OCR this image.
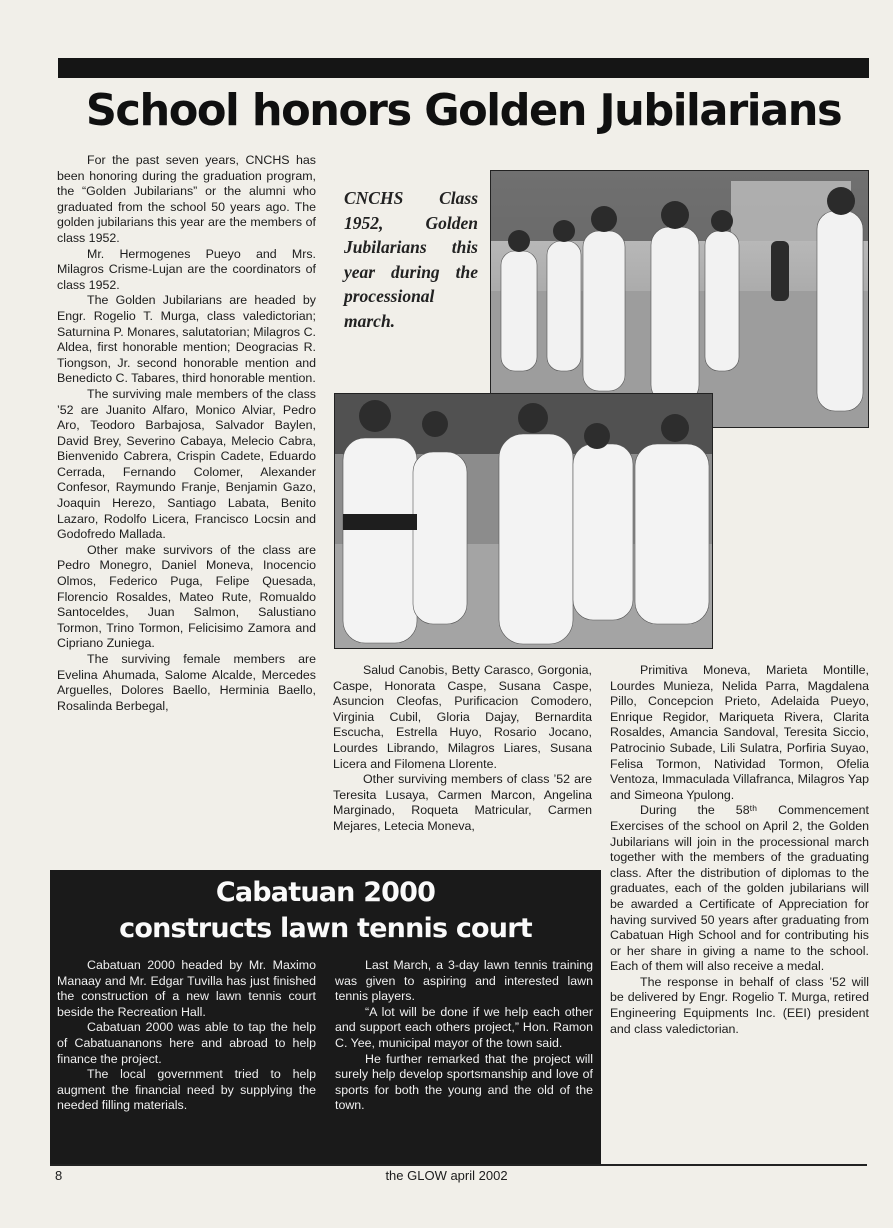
School honors Golden Jubilarians

For the past seven years, CNCHS has been honoring during the graduation program, the “Golden Jubilarians” or the alumni who graduated from the school 50 years ago. The golden jubilarians this year are the members of class 1952.

Mr. Hermogenes Pueyo and Mrs. Milagros Crisme-Lujan are the coordinators of class 1952.

The Golden Jubilarians are headed by Engr. Rogelio T. Murga, class valedictorian; Saturnina P. Monares, salutatorian; Milagros C. Aldea, first honorable mention; Deogracias R. Tiongson, Jr. second honorable mention and Benedicto C. Tabares, third honorable mention.

The surviving male members of the class ’52 are Juanito Alfaro, Monico Alviar, Pedro Aro, Teodoro Barbajosa, Salvador Baylen, David Brey, Severino Cabaya, Melecio Cabra, Bienvenido Cabrera, Crispin Cadete, Eduardo Cerrada, Fernando Colomer, Alexander Confesor, Raymundo Franje, Benjamin Gazo, Joaquin Herezo, Santiago Labata, Benito Lazaro, Rodolfo Licera, Francisco Locsin and Godofredo Mallada.

Other make survivors of the class are Pedro Monegro, Daniel Moneva, Inocencio Olmos, Federico Puga, Felipe Quesada, Florencio Rosaldes, Mateo Rute, Romualdo Santoceldes, Juan Salmon, Salustiano Tormon, Trino Tormon, Felicisimo Zamora and Cipriano Zuniega.

The surviving female members are Evelina Ahumada, Salome Alcalde, Mercedes Arguelles, Dolores Baello, Herminia Baello, Rosalinda Berbegal,

CNCHS Class 1952, Golden Jubilarians this year during the processional march.

Salud Canobis, Betty Carasco, Gorgonia, Caspe, Honorata Caspe, Susana Caspe, Asuncion Cleofas, Purificacion Comodero, Virginia Cubil, Gloria Dajay, Bernardita Escucha, Estrella Huyo, Rosario Jocano, Lourdes Librando, Milagros Liares, Susana Licera and Filomena Llorente.

Other surviving members of class ’52 are Teresita Lusaya, Carmen Marcon, Angelina Marginado, Roqueta Matricular, Carmen Mejares, Letecia Moneva,

Primitiva Moneva, Marieta Montille, Lourdes Munieza, Nelida Parra, Magdalena Pillo, Concepcion Prieto, Adelaida Pueyo, Enrique Regidor, Mariqueta Rivera, Clarita Rosaldes, Amancia Sandoval, Teresita Siccio, Patrocinio Subade, Lili Sulatra, Porfiria Suyao, Felisa Tormon, Natividad Tormon, Ofelia Ventoza, Immaculada Villafranca, Milagros Yap and Simeona Ypulong.

During the 58ᵗʰ Commencement Exercises of the school on April 2, the Golden Jubilarians will join in the processional march together with the members of the graduating class. After the distribution of diplomas to the graduates, each of the golden jubilarians will be awarded a Certificate of Appreciation for having survived 50 years after graduating from Cabatuan High School and for contributing his or her share in giving a name to the school. Each of them will also receive a medal.

The response in behalf of class ’52 will be delivered by Engr. Rogelio T. Murga, retired Engineering Equipments Inc. (EEI) president and class valedictorian.

Cabatuan 2000
constructs lawn tennis court

Cabatuan 2000 headed by Mr. Maximo Manaay and Mr. Edgar Tuvilla has just finished the construction of a new lawn tennis court beside the Recreation Hall.

Cabatuan 2000 was able to tap the help of Cabatuananons here and abroad to help finance the project.

The local government tried to help augment the financial need by supplying the needed filling materials.

Last March, a 3-day lawn tennis training was given to aspiring and interested lawn tennis players.

“A lot will be done if we help each other and support each others project,” Hon. Ramon C. Yee, municipal mayor of the town said.

He further remarked that the project will surely help develop sportsmanship and love of sports for both the young and the old of the town.

8	the GLOW april 2002
